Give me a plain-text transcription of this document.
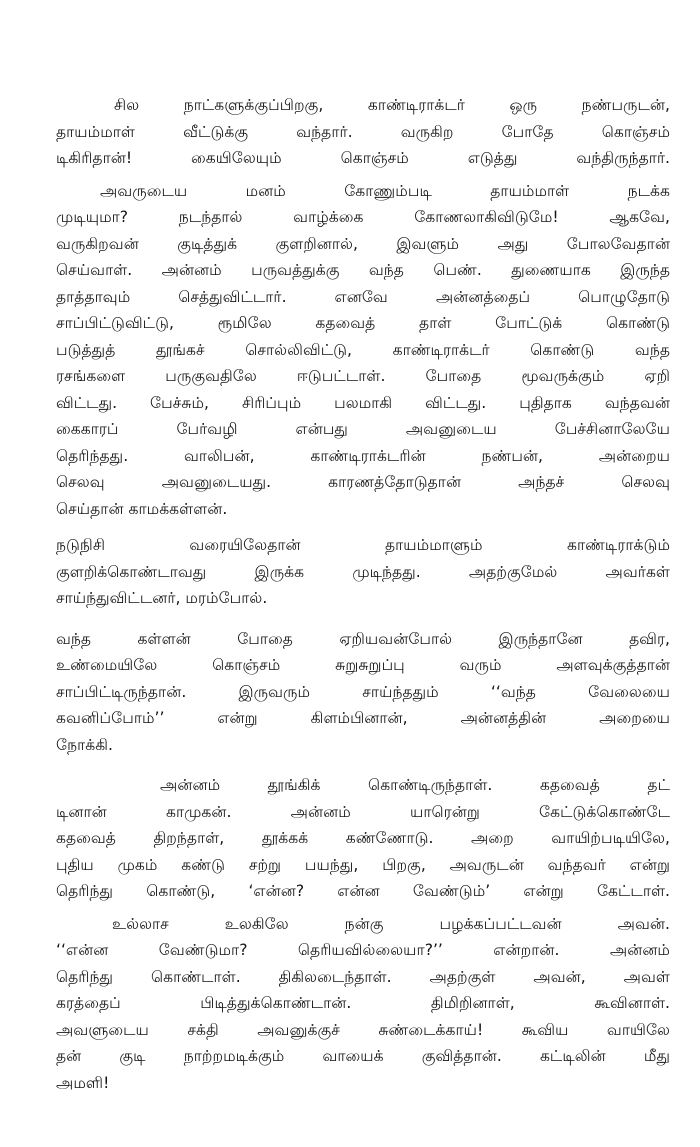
சில நாட்களுக்குப்பிறகு, காண்டிராக்டர் ஒரு நண்பருடன்,
தாயம்மாள் வீட்டுக்கு வந்தார். வருகிற போதே கொஞ்சம்
டிகிரிதான்! கையிலேயும் கொஞ்சம் எடுத்து வந்திருந்தார்.
அவருடைய மனம் கோணும்படி தாயம்மாள் நடக்க
முடியுமா? நடந்தால் வாழ்க்கை கோணலாகிவிடுமே! ஆகவே,
வருகிறவன் குடித்துக் குளறினால், இவளும் அது போலவேதான்
செய்வாள். அன்னம் பருவத்துக்கு வந்த பெண். துணையாக இருந்த
தாத்தாவும் செத்துவிட்டார். எனவே அன்னத்தைப் பொழுதோடு
சாப்பிட்டுவிட்டு, ரூமிலே கதவைத் தாள் போட்டுக் கொண்டு
படுத்துத் தூங்கச் சொல்லிவிட்டு, காண்டிராக்டர் கொண்டு வந்த
ரசங்களை பருகுவதிலே ஈடுபட்டாள். போதை மூவருக்கும் ஏறி
விட்டது. பேச்சும், சிரிப்பும் பலமாகி விட்டது. புதிதாக வந்தவன்
கைகாரப் பேர்வழி என்பது அவனுடைய பேச்சினாலேயே
தெரிந்தது. வாலிபன், காண்டிராக்டரின் நண்பன், அன்றைய
செலவு அவனுடையது. காரணத்தோடுதான் அந்தச் செலவு
செய்தான் காமக்கள்ளன்.
நடுநிசி வரையிலேதான் தாயம்மாளும் காண்டிராக்டும்
குளறிக்கொண்டாவது இருக்க முடிந்தது. அதற்குமேல் அவர்கள்
சாய்ந்துவிட்டனர், மரம்போல்.
வந்த கள்ளன் போதை ஏறியவன்போல் இருந்தானே தவிர,
உண்மையிலே கொஞ்சம் சுறுசுறுப்பு வரும் அளவுக்குத்தான்
சாப்பிட்டிருந்தான். இருவரும் சாய்ந்ததும் ‘‘வந்த வேலையை
கவனிப்போம்’’ என்று கிளம்பினான், அன்னத்தின் அறையை
நோக்கி.
அன்னம் தூங்கிக் கொண்டிருந்தாள். கதவைத் தட்
டினான் காமுகன். அன்னம் யாரென்று கேட்டுக்கொண்டே
கதவைத் திறந்தாள், தூக்கக் கண்ணோடு. அறை வாயிற்படியிலே,
புதிய முகம் கண்டு சற்று பயந்து, பிறகு, அவருடன் வந்தவர் என்று
தெரிந்து கொண்டு, ‘என்ன? என்ன வேண்டும்’ என்று கேட்டாள்.
உல்லாச உலகிலே நன்கு பழக்கப்பட்டவன் அவன்.
‘‘என்ன வேண்டுமா? தெரியவில்லையா?’’ என்றான். அன்னம்
தெரிந்து கொண்டாள். திகிலடைந்தாள். அதற்குள் அவன், அவள்
கரத்தைப் பிடித்துக்கொண்டான். திமிறினாள், கூவினாள்.
அவளுடைய சக்தி அவனுக்குச் சுண்டைக்காய்! கூவிய வாயிலே
தன் குடி நாற்றமடிக்கும் வாயைக் குவித்தான். கட்டிலின் மீது
அமளி!
